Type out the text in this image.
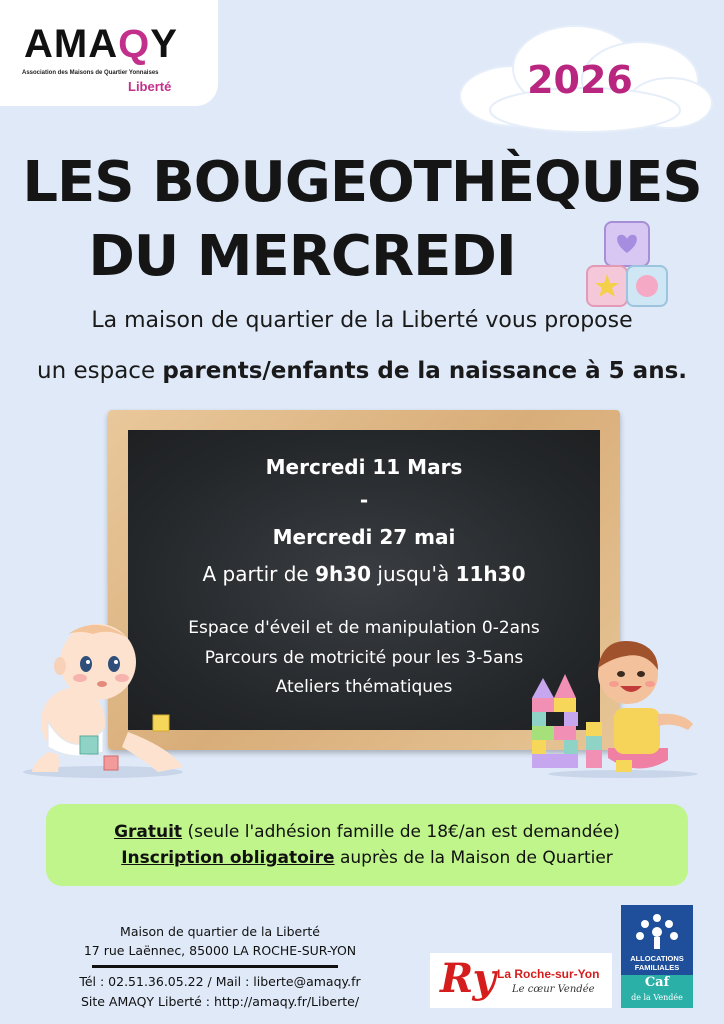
AMAQY
Association des Maisons de Quartier Yonnaises
Liberté	2026
LES BOUGEOTHÈQUES
DU MERCREDI
La maison de quartier de la Liberté vous propose
un espace parents/enfants de la naissance à 5 ans.
Mercredi 11 Mars
-
Mercredi 27 mai
A partir de 9h30 jusqu'à 11h30
Espace d'éveil et de manipulation 0-2ans
Parcours de motricité pour les 3-5ans
Ateliers thématiques
Gratuit (seule l'adhésion famille de 18€/an est demandée)
Inscription obligatoire auprès de la Maison de Quartier
Maison de quartier de la Liberté
17 rue Laënnec, 85000 LA ROCHE-SUR-YON
Tél : 02.51.36.05.22 / Mail : liberte@amaqy.fr
Site AMAQY Liberté : http://amaqy.fr/Liberte/	Ry La Roche-sur-Yon
Le cœur Vendée
ALLOCATIONS
FAMILIALES
Caf
de la Vendée
